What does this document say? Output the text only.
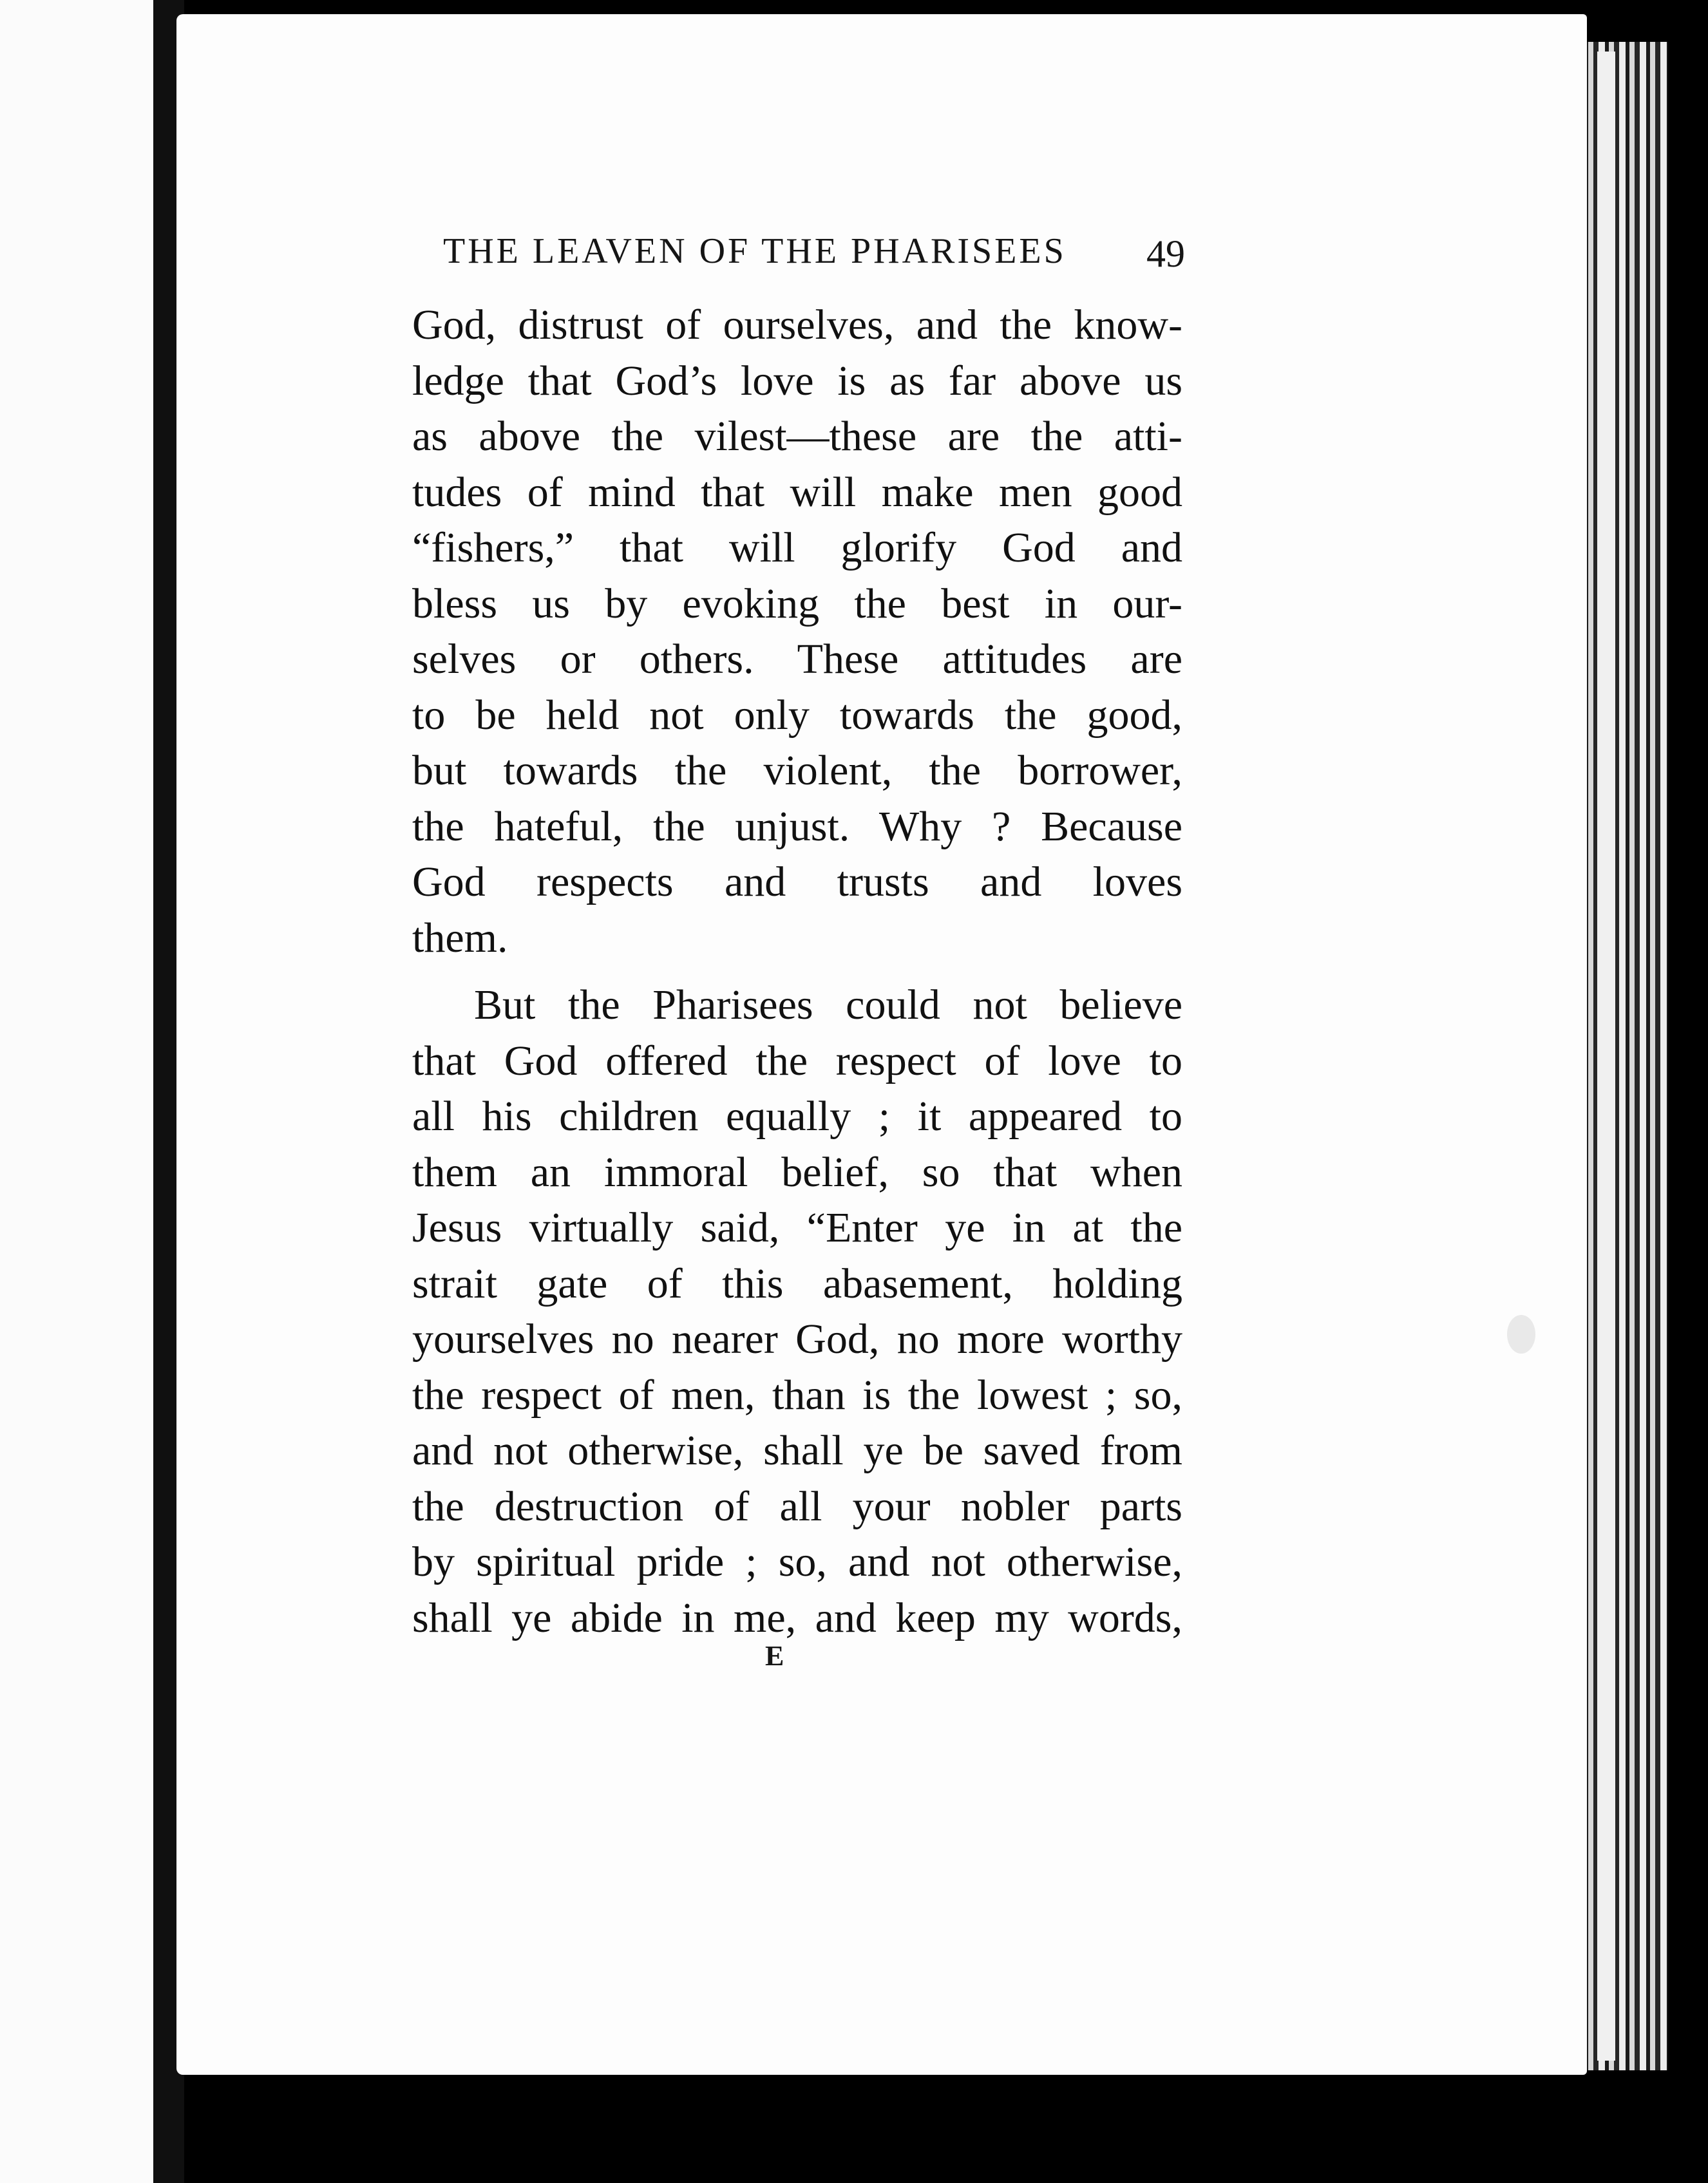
THE LEAVEN OF THE PHARISEES 49
God, distrust of ourselves, and the know-
ledge that God’s love is as far above us
as above the vilest—these are the atti-
tudes of mind that will make men good
“fishers,” that will glorify God and
bless us by evoking the best in our-
selves or others. These attitudes are
to be held not only towards the good,
but towards the violent, the borrower,
the hateful, the unjust. Why ? Because
God respects and trusts and loves
them.
But the Pharisees could not believe
that God offered the respect of love to
all his children equally ; it appeared to
them an immoral belief, so that when
Jesus virtually said, “Enter ye in at the
strait gate of this abasement, holding
yourselves no nearer God, no more worthy
the respect of men, than is the lowest ; so,
and not otherwise, shall ye be saved from
the destruction of all your nobler parts
by spiritual pride ; so, and not otherwise,
shall ye abide in me, and keep my words,
E
